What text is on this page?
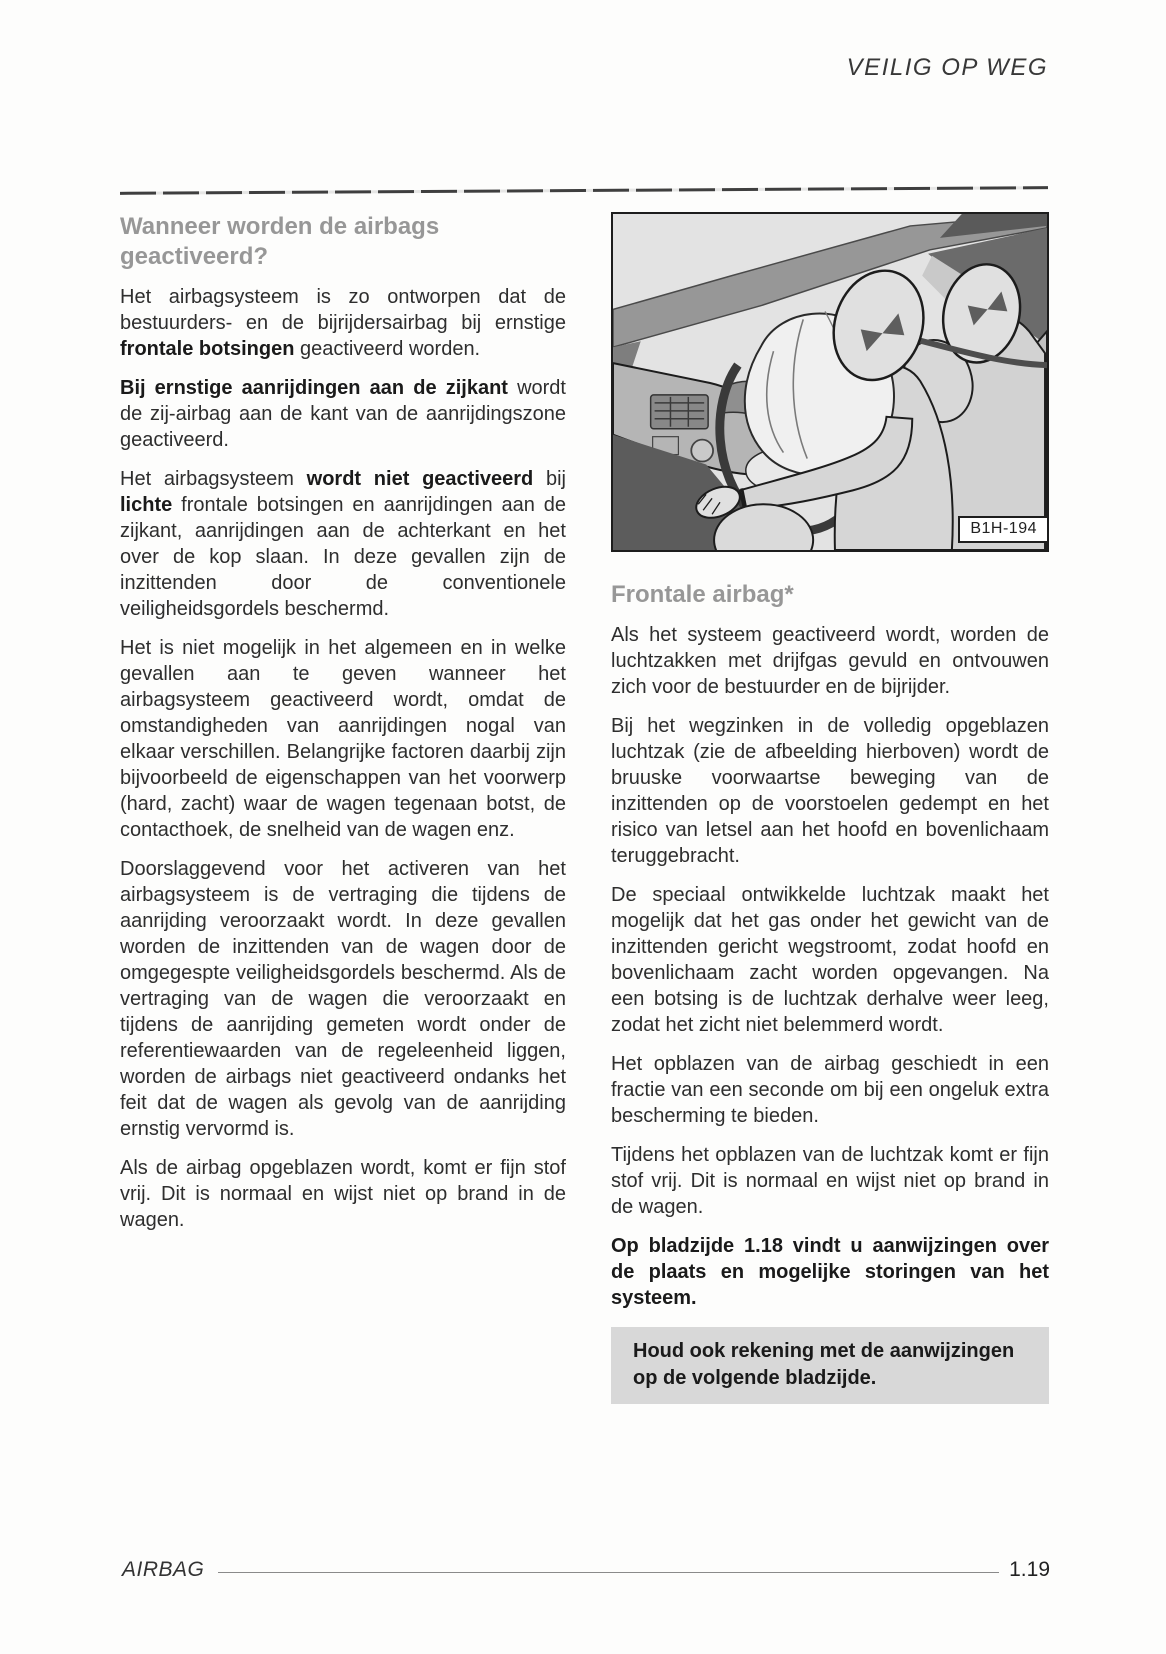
VEILIG OP WEG
Wanneer worden de airbags geactiveerd?

Het airbagsysteem is zo ontworpen dat de bestuurders- en de bijrijdersairbag bij ernstige frontale botsingen geactiveerd worden.

Bij ernstige aanrijdingen aan de zijkant wordt de zij-airbag aan de kant van de aanrijdingszone geactiveerd.

Het airbagsysteem wordt niet geactiveerd bij lichte frontale botsingen en aanrijdingen aan de zijkant, aanrijdingen aan de achterkant en het over de kop slaan. In deze gevallen zijn de inzittenden door de conventionele veiligheidsgordels beschermd.

Het is niet mogelijk in het algemeen en in welke gevallen aan te geven wanneer het airbagsysteem geactiveerd wordt, omdat de omstandigheden van aanrijdingen nogal van elkaar verschillen. Belangrijke factoren daarbij zijn bijvoorbeeld de eigenschappen van het voorwerp (hard, zacht) waar de wagen tegenaan botst, de contacthoek, de snelheid van de wagen enz.

Doorslaggevend voor het activeren van het airbagsysteem is de vertraging die tijdens de aanrijding veroorzaakt wordt. In deze gevallen worden de inzittenden van de wagen door de omgegespte veiligheidsgordels beschermd. Als de vertraging van de wagen die veroorzaakt en tijdens de aanrijding gemeten wordt onder de referentiewaarden van de regeleenheid liggen, worden de airbags niet geactiveerd ondanks het feit dat de wagen als gevolg van de aanrijding ernstig vervormd is.

Als de airbag opgeblazen wordt, komt er fijn stof vrij. Dit is normaal en wijst niet op brand in de wagen.

B1H-194
Frontale airbag*

Als het systeem geactiveerd wordt, worden de luchtzakken met drijfgas gevuld en ontvouwen zich voor de bestuurder en de bijrijder.

Bij het wegzinken in de volledig opgeblazen luchtzak (zie de afbeelding hierboven) wordt de bruuske voorwaartse beweging van de inzittenden op de voorstoelen gedempt en het risico van letsel aan het hoofd en bovenlichaam teruggebracht.

De speciaal ontwikkelde luchtzak maakt het mogelijk dat het gas onder het gewicht van de inzittenden gericht wegstroomt, zodat hoofd en bovenlichaam zacht worden opgevangen. Na een botsing is de luchtzak derhalve weer leeg, zodat het zicht niet belemmerd wordt.

Het opblazen van de airbag geschiedt in een fractie van een seconde om bij een ongeluk extra bescherming te bieden.

Tijdens het opblazen van de luchtzak komt er fijn stof vrij. Dit is normaal en wijst niet op brand in de wagen.

Op bladzijde 1.18 vindt u aanwijzingen over de plaats en mogelijke storingen van het systeem.

Houd ook rekening met de aanwijzingen op de volgende bladzijde.
AIRBAG	1.19
